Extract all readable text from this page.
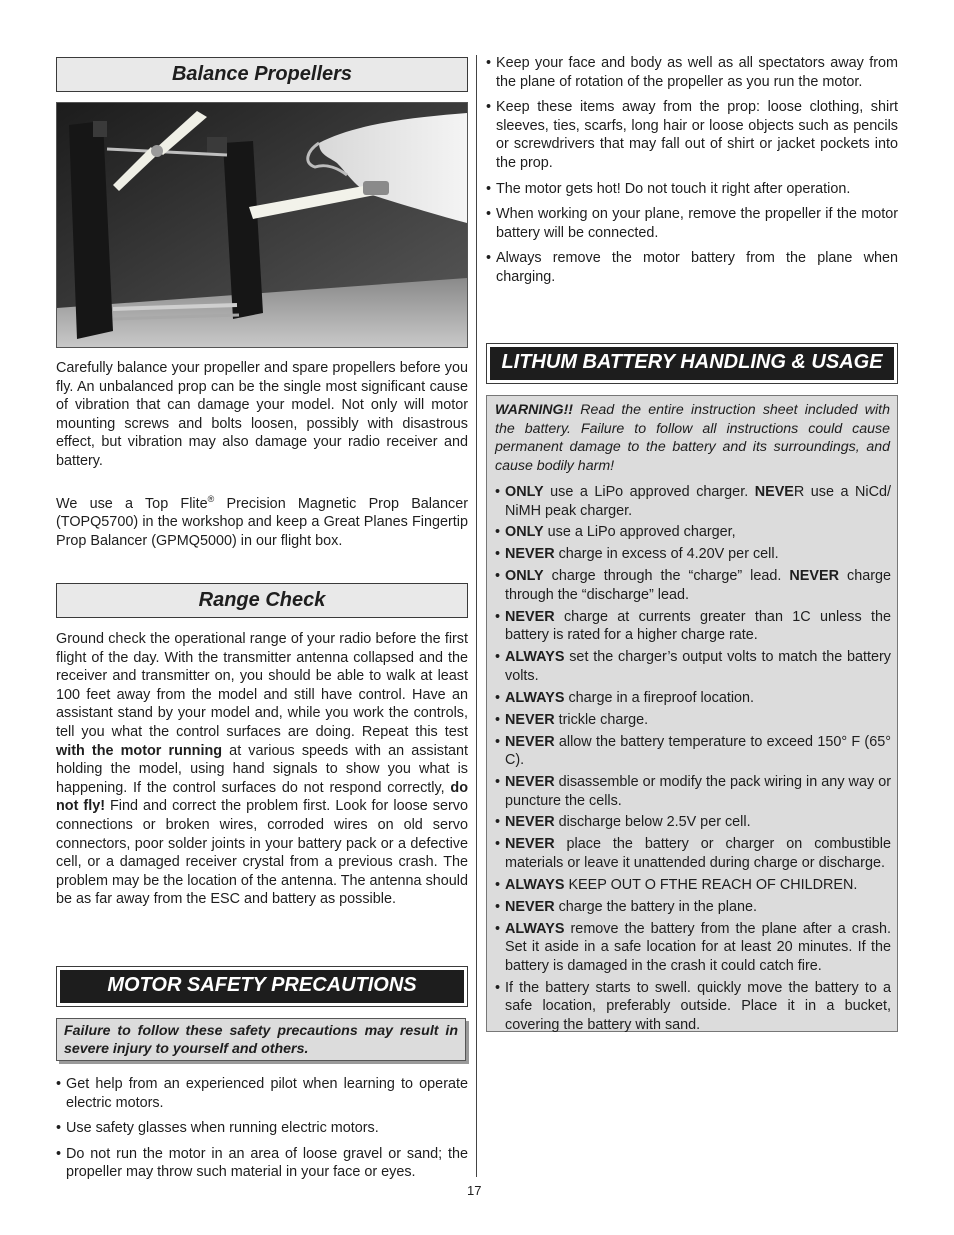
Balance Propellers

Carefully balance your propeller and spare propellers before you fly. An unbalanced prop can be the single most significant cause of vibration that can damage your model. Not only will motor mounting screws and bolts loosen, possibly with disastrous effect, but vibration may also damage your radio receiver and battery.

We use a Top Flite® Precision Magnetic Prop Balancer (TOPQ5700) in the workshop and keep a Great Planes Fingertip Prop Balancer (GPMQ5000) in our flight box.

Range Check

Ground check the operational range of your radio before the first flight of the day. With the transmitter antenna collapsed and the receiver and transmitter on, you should be able to walk at least 100 feet away from the model and still have control. Have an assistant stand by your model and, while you work the controls, tell you what the control surfaces are doing. Repeat this test with the motor running at various speeds with an assistant holding the model, using hand signals to show you what is happening. If the control surfaces do not respond correctly, do not fly! Find and correct the problem first. Look for loose servo connections or broken wires, corroded wires on old servo connectors, poor solder joints in your battery pack or a defective cell, or a damaged receiver crystal from a previous crash. The problem may be the location of the antenna. The antenna should be as far away from the ESC and battery as possible.

MOTOR SAFETY PRECAUTIONS

Failure to follow these safety precautions may result in severe injury to yourself and others.

• Get help from an experienced pilot when learning to operate electric motors.
• Use safety glasses when running electric motors.
• Do not run the motor in an area of loose gravel or sand; the propeller may throw such material in your face or eyes.
• Keep your face and body as well as all spectators away from the plane of rotation of the propeller as you run the motor.
• Keep these items away from the prop: loose clothing, shirt sleeves, ties, scarfs, long hair or loose objects such as pencils or screwdrivers that may fall out of shirt or jacket pockets into the prop.
• The motor gets hot! Do not touch it right after operation.
• When working on your plane, remove the propeller if the motor battery will be connected.
• Always remove the motor battery from the plane when charging.
LITHUM BATTERY HANDLING & USAGE

WARNING!! Read the entire instruction sheet included with the battery. Failure to follow all instructions could cause permanent damage to the battery and its surroundings, and cause bodily harm!

• ONLY use a LiPo approved charger. NEVER use a NiCd/ NiMH peak charger.
• ONLY use a LiPo approved charger,
• NEVER charge in excess of 4.20V per cell.
• ONLY charge through the “charge” lead. NEVER charge through the “discharge” lead.
• NEVER charge at currents greater than 1C unless the battery is rated for a higher charge rate.
• ALWAYS set the charger’s output volts to match the battery volts.
• ALWAYS charge in a fireproof location.
• NEVER trickle charge.
• NEVER allow the battery temperature to exceed 150° F (65° C).
• NEVER disassemble or modify the pack wiring in any way or puncture the cells.
• NEVER discharge below 2.5V per cell.
• NEVER place the battery or charger on combustible materials or leave it unattended during charge or discharge.
• ALWAYS KEEP OUT O FTHE REACH OF CHILDREN.
• NEVER charge the battery in the plane.
• ALWAYS remove the battery from the plane after a crash. Set it aside in a safe location for at least 20 minutes. If the battery is damaged in the crash it could catch fire.
• If the battery starts to swell. quickly move the battery to a safe location, preferably outside. Place it in a bucket, covering the battery with sand.
17
